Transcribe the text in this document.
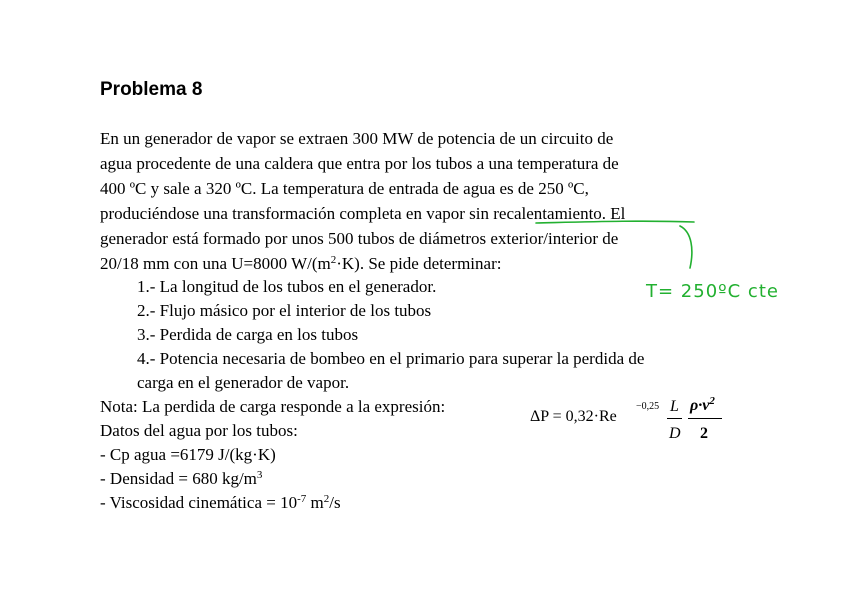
Problema 8
En un generador de vapor se extraen 300 MW de potencia de un circuito de
agua procedente de una caldera que entra por los tubos a una temperatura de
400 ºC y sale a 320 ºC. La temperatura de entrada de agua es de 250 ºC,
produciéndose una transformación completa en vapor sin recalentamiento. El
generador está formado por unos 500 tubos de diámetros exterior/interior de
20/18 mm con una U=8000 $W/(m^2\cdot K)$. Se pide determinar:
1.- La longitud de los tubos en el generador.
2.- Flujo másico por el interior de los tubos
3.- Perdida de carga en los tubos
4.- Potencia necesaria de bombeo en el primario para superar la perdida de
carga en el generador de vapor.
Nota: La perdida de carga responde a la expresión:
Datos del agua por los tubos:
- Cp agua =6179 J/(kg·K)
- Densidad = 680 $kg/m^3$
- Viscosidad cinemática = $10^{-7}$ $m^2/s$
ΔP = 0,32·Re
−0,25 L
D
$\rho\cdot v^2$
2
T= 250ºC cte
